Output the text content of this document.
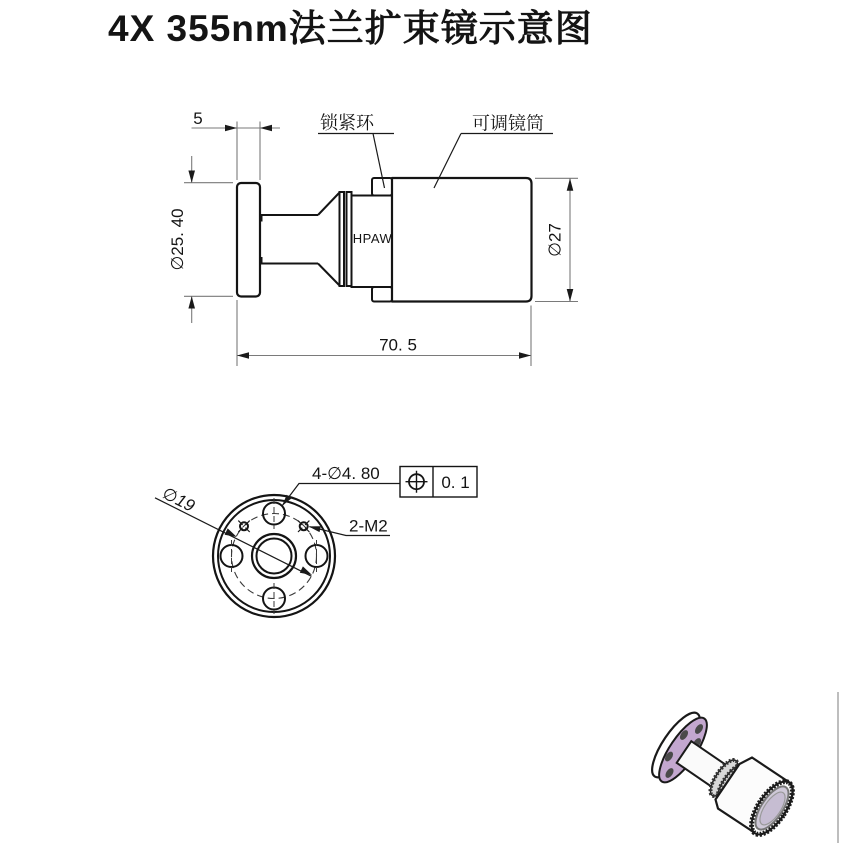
4X 355nm法兰扩束镜示意图
HPAW
锁紧环	可调镜筒
5
∅25. 40	∅27
70. 5
∅19
4-∅4. 80	0. 1
2-M2
